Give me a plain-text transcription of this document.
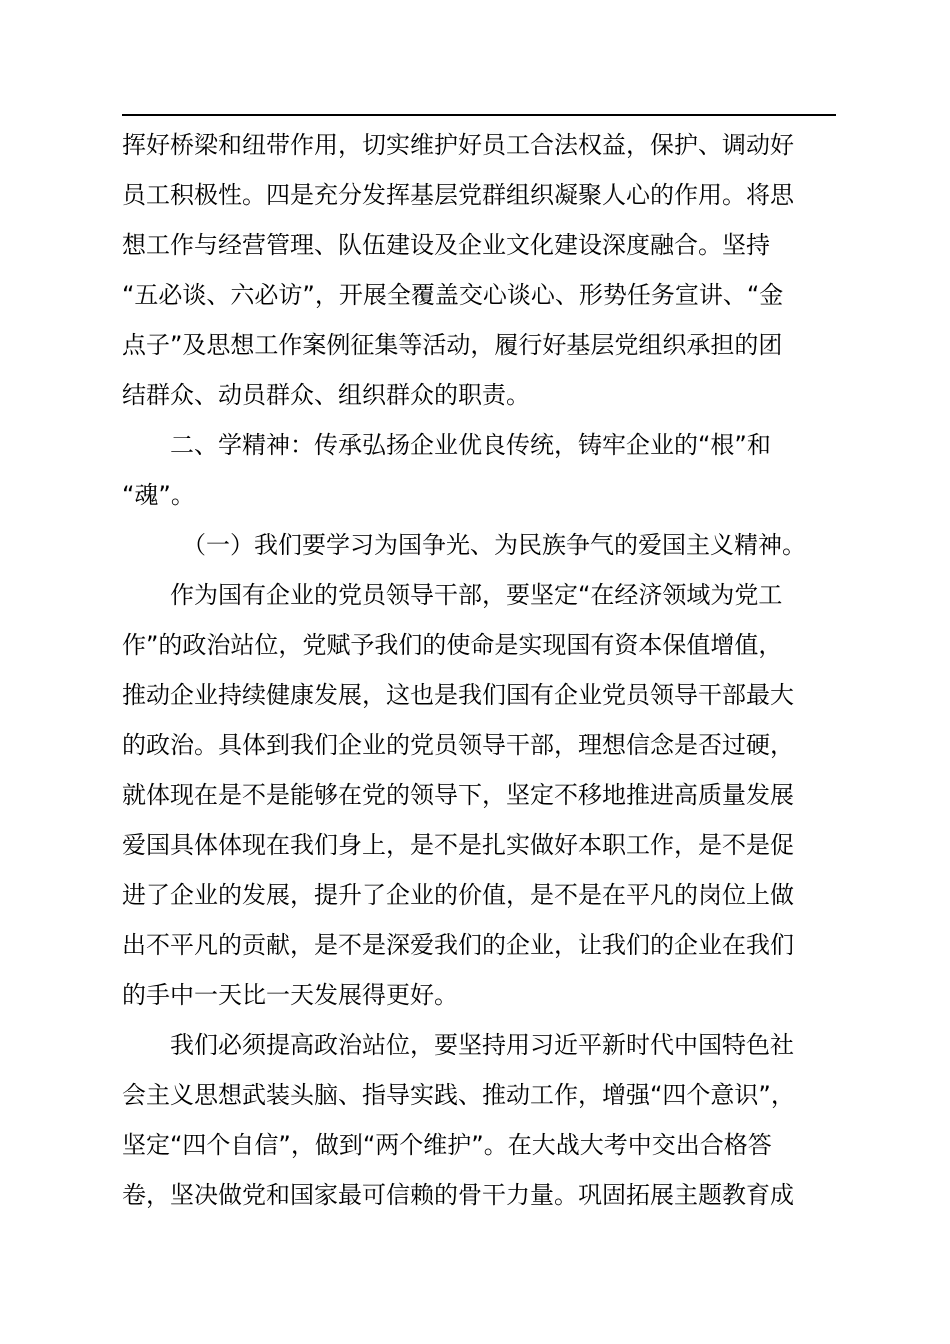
挥好桥梁和纽带作用，切实维护好员工合法权益，保护、调动好
员工积极性。四是充分发挥基层党群组织凝聚人心的作用。将思
想工作与经营管理、队伍建设及企业文化建设深度融合。坚持
“五必谈、六必访”，开展全覆盖交心谈心、形势任务宣讲、“金
点子”及思想工作案例征集等活动，履行好基层党组织承担的团
结群众、动员群众、组织群众的职责。
二、学精神：传承弘扬企业优良传统，铸牢企业的“根”和
“魂”。
（一）我们要学习为国争光、为民族争气的爱国主义精神。
作为国有企业的党员领导干部，要坚定“在经济领域为党工
作”的政治站位，党赋予我们的使命是实现国有资本保值增值，
推动企业持续健康发展，这也是我们国有企业党员领导干部最大
的政治。具体到我们企业的党员领导干部，理想信念是否过硬，
就体现在是不是能够在党的领导下，坚定不移地推进高质量发展
爱国具体体现在我们身上，是不是扎实做好本职工作，是不是促
进了企业的发展，提升了企业的价值，是不是在平凡的岗位上做
出不平凡的贡献，是不是深爱我们的企业，让我们的企业在我们
的手中一天比一天发展得更好。
我们必须提高政治站位，要坚持用习近平新时代中国特色社
会主义思想武装头脑、指导实践、推动工作，增强“四个意识”，
坚定“四个自信”，做到“两个维护”。在大战大考中交出合格答
卷，坚决做党和国家最可信赖的骨干力量。巩固拓展主题教育成
